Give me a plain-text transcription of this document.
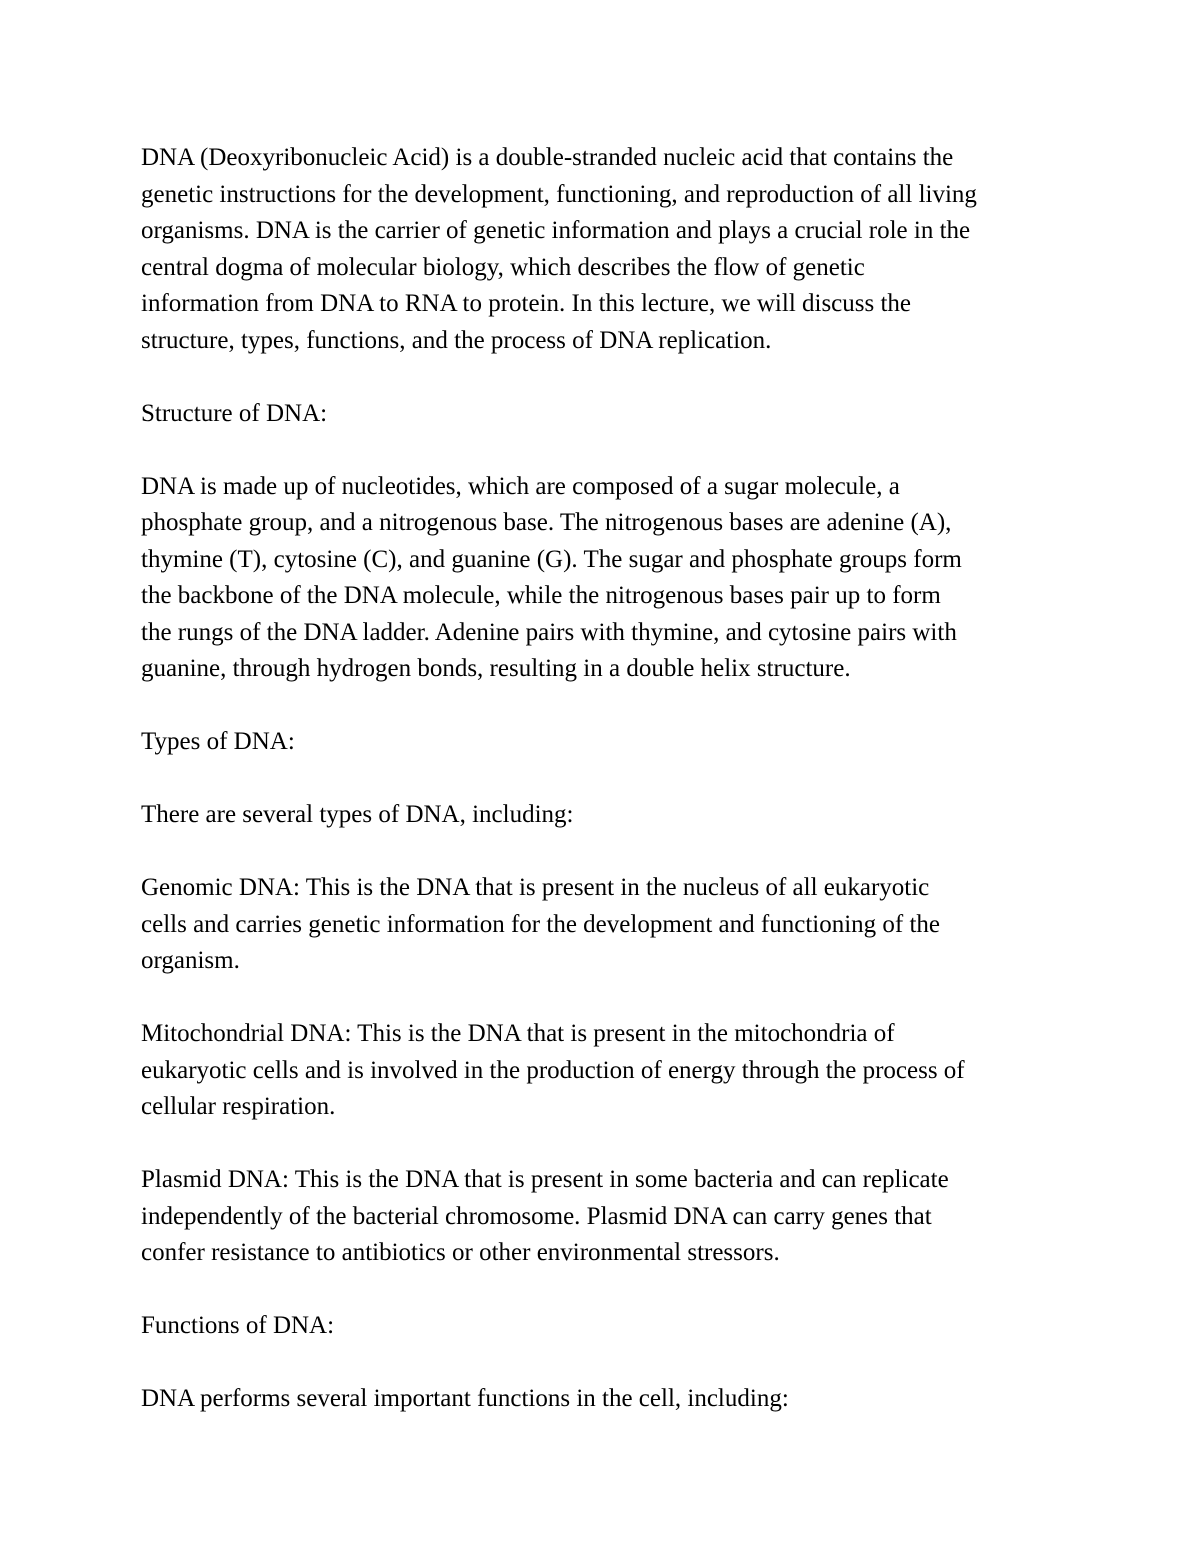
DNA (Deoxyribonucleic Acid) is a double-stranded nucleic acid that contains the
genetic instructions for the development, functioning, and reproduction of all living
organisms. DNA is the carrier of genetic information and plays a crucial role in the
central dogma of molecular biology, which describes the flow of genetic
information from DNA to RNA to protein. In this lecture, we will discuss the
structure, types, functions, and the process of DNA replication.

Structure of DNA:

DNA is made up of nucleotides, which are composed of a sugar molecule, a
phosphate group, and a nitrogenous base. The nitrogenous bases are adenine (A),
thymine (T), cytosine (C), and guanine (G). The sugar and phosphate groups form
the backbone of the DNA molecule, while the nitrogenous bases pair up to form
the rungs of the DNA ladder. Adenine pairs with thymine, and cytosine pairs with
guanine, through hydrogen bonds, resulting in a double helix structure.

Types of DNA:

There are several types of DNA, including:

Genomic DNA: This is the DNA that is present in the nucleus of all eukaryotic
cells and carries genetic information for the development and functioning of the
organism.

Mitochondrial DNA: This is the DNA that is present in the mitochondria of
eukaryotic cells and is involved in the production of energy through the process of
cellular respiration.

Plasmid DNA: This is the DNA that is present in some bacteria and can replicate
independently of the bacterial chromosome. Plasmid DNA can carry genes that
confer resistance to antibiotics or other environmental stressors.

Functions of DNA:

DNA performs several important functions in the cell, including:
